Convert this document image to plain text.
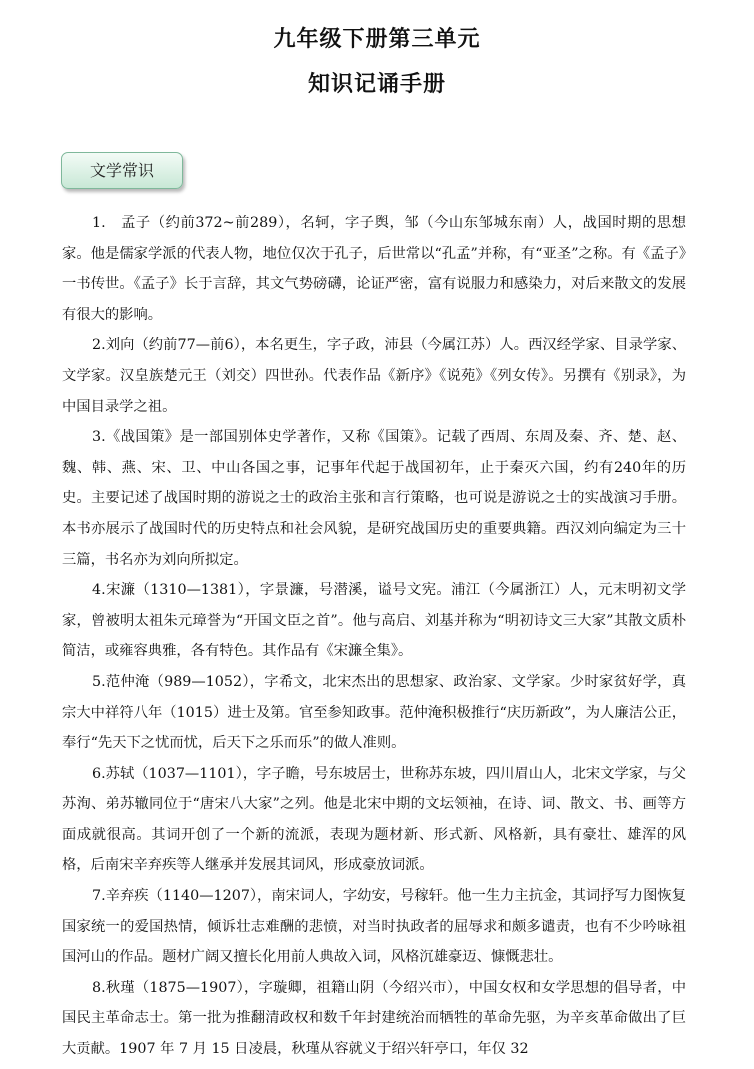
九年级下册第三单元
知识记诵手册
文学常识

1.　孟子（约前372~前289），名轲，字子舆，邹（今山东邹城东南）人，战国时期的思想家。他是儒家学派的代表人物，地位仅次于孔子，后世常以“孔孟”并称，有“亚圣”之称。有《孟子》一书传世。《孟子》长于言辞，其文气势磅礴，论证严密，富有说服力和感染力，对后来散文的发展有很大的影响。

2.刘向（约前77—前6），本名更生，字子政，沛县（今属江苏）人。西汉经学家、目录学家、文学家。汉皇族楚元王（刘交）四世孙。代表作品《新序》《说苑》《列女传》。另撰有《别录》，为中国目录学之祖。

3.《战国策》是一部国别体史学著作，又称《国策》。记载了西周、东周及秦、齐、楚、赵、魏、韩、燕、宋、卫、中山各国之事，记事年代起于战国初年，止于秦灭六国，约有240年的历史。主要记述了战国时期的游说之士的政治主张和言行策略，也可说是游说之士的实战演习手册。本书亦展示了战国时代的历史特点和社会风貌，是研究战国历史的重要典籍。西汉刘向编定为三十三篇，书名亦为刘向所拟定。

4.宋濂（1310—1381），字景濂，号潜溪，谥号文宪。浦江（今属浙江）人，元末明初文学家，曾被明太祖朱元璋誉为“开国文臣之首”。他与高启、刘基并称为“明初诗文三大家”其散文质朴简洁，或雍容典雅，各有特色。其作品有《宋濂全集》。

5.范仲淹（989—1052），字希文，北宋杰出的思想家、政治家、文学家。少时家贫好学，真宗大中祥符八年（1015）进士及第。官至参知政事。范仲淹积极推行“庆历新政”，为人廉洁公正，奉行“先天下之忧而忧，后天下之乐而乐”的做人准则。

6.苏轼（1037—1101），字子瞻，号东坡居士，世称苏东坡，四川眉山人，北宋文学家，与父苏洵、弟苏辙同位于“唐宋八大家”之列。他是北宋中期的文坛领袖，在诗、词、散文、书、画等方面成就很高。其词开创了一个新的流派，表现为题材新、形式新、风格新，具有豪壮、雄浑的风格，后南宋辛弃疾等人继承并发展其词风，形成豪放词派。

7.辛弃疾（1140—1207），南宋词人，字幼安，号稼轩。他一生力主抗金，其词抒写力图恢复国家统一的爱国热情，倾诉壮志难酬的悲愤，对当时执政者的屈辱求和颇多谴责，也有不少吟咏祖国河山的作品。题材广阔又擅长化用前人典故入词，风格沉雄豪迈、慷慨悲壮。

8.秋瑾（1875—1907），字璇卿，祖籍山阴（今绍兴市），中国女权和女学思想的倡导者，中国民主革命志士。第一批为推翻清政权和数千年封建统治而牺牲的革命先驱，为辛亥革命做出了巨大贡献。1907 年 7 月 15 日凌晨，秋瑾从容就义于绍兴轩亭口，年仅 32
